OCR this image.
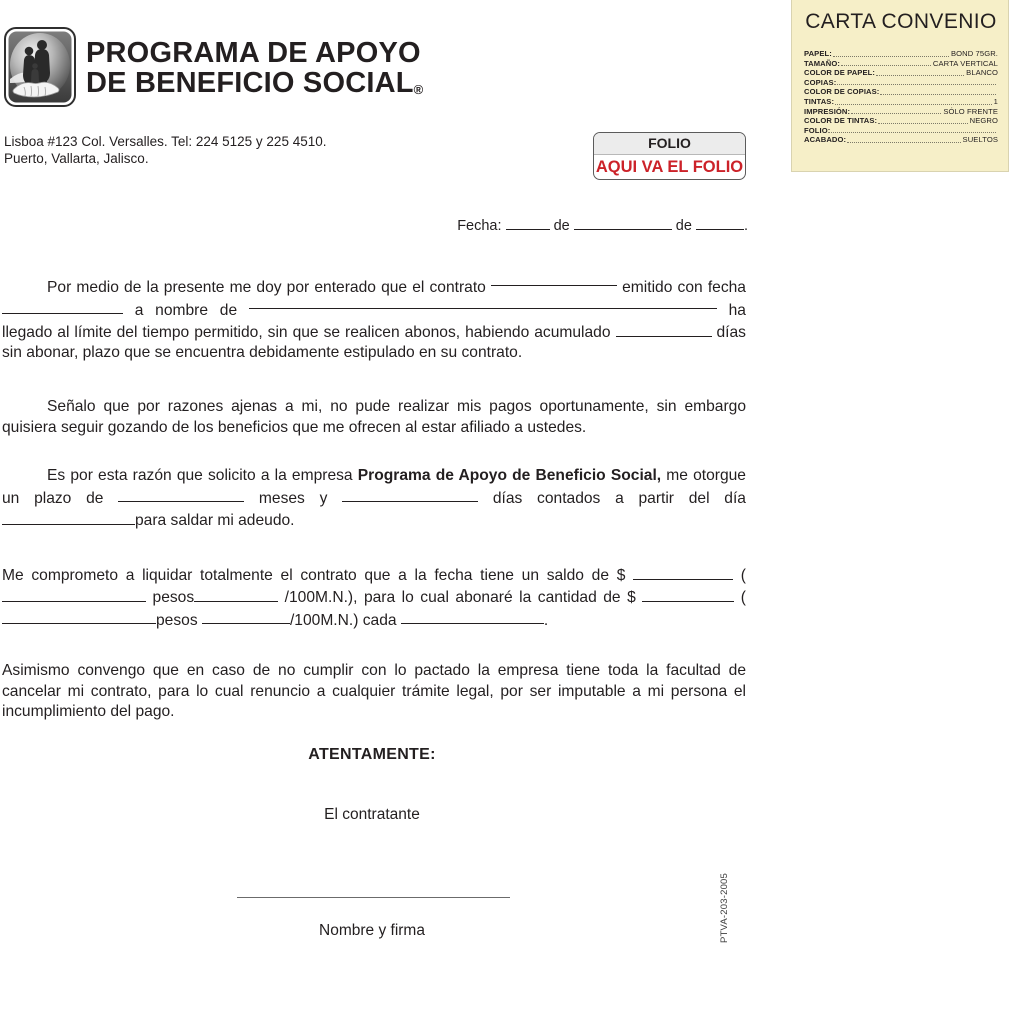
CARTA CONVENIO
PAPEL:	BOND 75GR.
TAMAÑO:	CARTA VERTICAL
COLOR DE PAPEL:	BLANCO
COPIAS:
COLOR DE COPIAS:
TINTAS:	1
IMPRESIÓN:	SÓLO FRENTE
COLOR DE TINTAS:	NEGRO
FOLIO:
ACABADO:	SUELTOS
PROGRAMA DE APOYO
DE BENEFICIO SOCIAL®
Lisboa #123 Col. Versalles. Tel: 224 5125 y 225 4510.
Puerto, Vallarta, Jalisco.
FOLIO
AQUI VA EL FOLIO
Fecha:	de	de	.
Por medio de la presente me doy por enterado que el contrato	emitido con fecha  a nombre de	ha llegado al límite del tiempo permitido, sin que se realicen abonos, habiendo acumulado	días sin abonar, plazo que se encuentra debidamente estipulado en su contrato.
Señalo que por razones ajenas a mi, no pude realizar mis pagos oportunamente, sin embargo quisiera seguir gozando de los beneficios que me ofrecen al estar afiliado a ustedes.
Es por esta razón que solicito a la empresa Programa de Apoyo de Beneficio Social, me otorgue un plazo de	meses y	días contados a partir del día para saldar mi adeudo.
Me comprometo a liquidar totalmente el contrato que a la fecha tiene un saldo de $	( pesos	/100M.N.), para lo cual abonaré la cantidad de $	(pesos	/100M.N.) cada	.
Asimismo convengo que en caso de no cumplir con lo pactado la empresa tiene toda la facultad de cancelar mi contrato, para lo cual renuncio a cualquier trámite legal, por ser imputable a mi persona el incumplimiento del pago.
ATENTAMENTE:
El contratante
Nombre y firma	PTVA-203-2005
